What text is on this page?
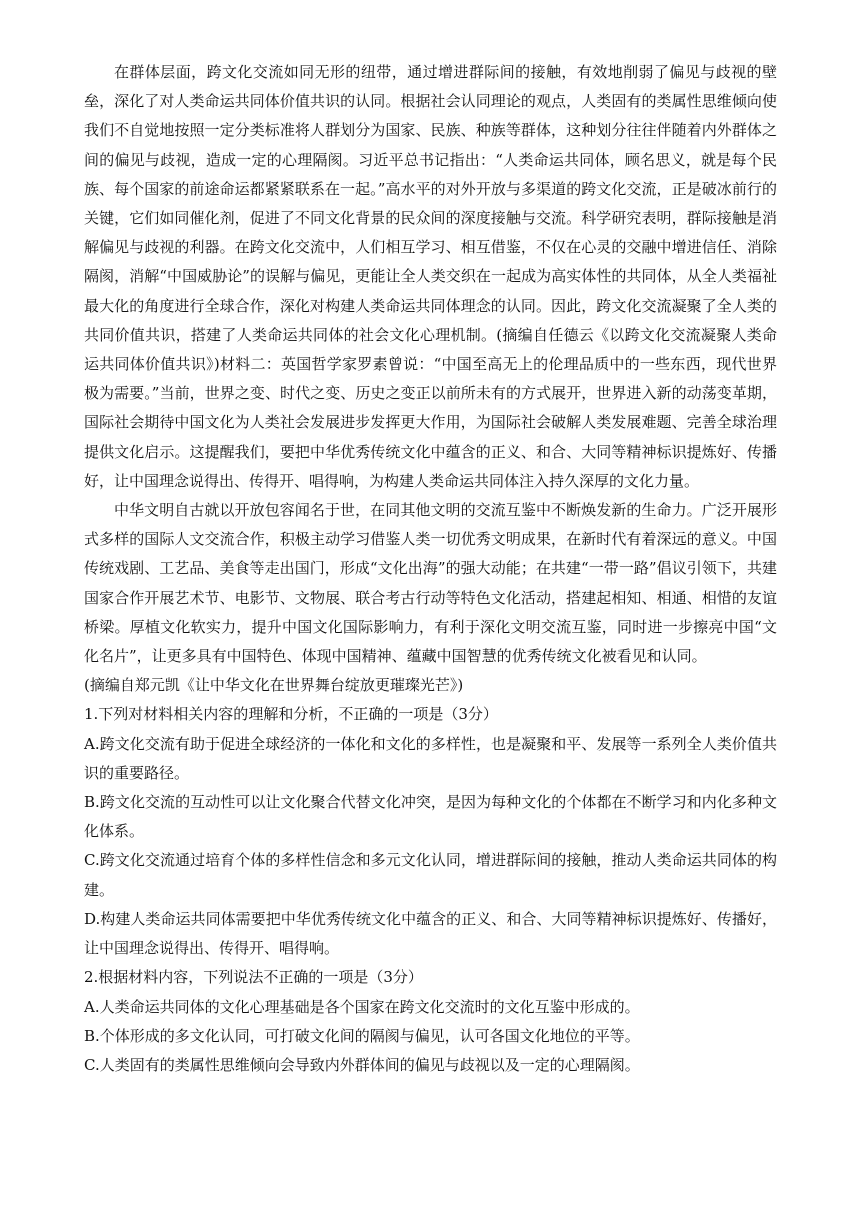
在群体层面，跨文化交流如同无形的纽带，通过增进群际间的接触，有效地削弱了偏见与歧视的壁垒，深化了对人类命运共同体价值共识的认同。根据社会认同理论的观点，人类固有的类属性思维倾向使我们不自觉地按照一定分类标准将人群划分为国家、民族、种族等群体，这种划分往往伴随着内外群体之间的偏见与歧视，造成一定的心理隔阂。习近平总书记指出：“人类命运共同体，顾名思义，就是每个民族、每个国家的前途命运都紧紧联系在一起。”高水平的对外开放与多渠道的跨文化交流，正是破冰前行的关键，它们如同催化剂，促进了不同文化背景的民众间的深度接触与交流。科学研究表明，群际接触是消解偏见与歧视的利器。在跨文化交流中，人们相互学习、相互借鉴，不仅在心灵的交融中增进信任、消除隔阂，消解“中国威胁论”的误解与偏见，更能让全人类交织在一起成为高实体性的共同体，从全人类福祉最大化的角度进行全球合作，深化对构建人类命运共同体理念的认同。因此，跨文化交流凝聚了全人类的共同价值共识，搭建了人类命运共同体的社会文化心理机制。(摘编自任德云《以跨文化交流凝聚人类命运共同体价值共识》)材料二：英国哲学家罗素曾说：“中国至高无上的伦理品质中的一些东西，现代世界极为需要。”当前，世界之变、时代之变、历史之变正以前所未有的方式展开，世界进入新的动荡变革期，国际社会期待中国文化为人类社会发展进步发挥更大作用，为国际社会破解人类发展难题、完善全球治理提供文化启示。这提醒我们，要把中华优秀传统文化中蕴含的正义、和合、大同等精神标识提炼好、传播好，让中国理念说得出、传得开、唱得响，为构建人类命运共同体注入持久深厚的文化力量。

中华文明自古就以开放包容闻名于世，在同其他文明的交流互鉴中不断焕发新的生命力。广泛开展形式多样的国际人文交流合作，积极主动学习借鉴人类一切优秀文明成果，在新时代有着深远的意义。中国传统戏剧、工艺品、美食等走出国门，形成“文化出海”的强大动能；在共建“一带一路”倡议引领下，共建国家合作开展艺术节、电影节、文物展、联合考古行动等特色文化活动，搭建起相知、相通、相惜的友谊桥梁。厚植文化软实力，提升中国文化国际影响力，有利于深化文明交流互鉴，同时进一步擦亮中国“文化名片”，让更多具有中国特色、体现中国精神、蕴藏中国智慧的优秀传统文化被看见和认同。

(摘编自郑元凯《让中华文化在世界舞台绽放更璀璨光芒》)

1.下列对材料相关内容的理解和分析，不正确的一项是（3分）

A.跨文化交流有助于促进全球经济的一体化和文化的多样性，也是凝聚和平、发展等一系列全人类价值共识的重要路径。

B.跨文化交流的互动性可以让文化聚合代替文化冲突，是因为每种文化的个体都在不断学习和内化多种文化体系。

C.跨文化交流通过培育个体的多样性信念和多元文化认同，增进群际间的接触，推动人类命运共同体的构建。

D.构建人类命运共同体需要把中华优秀传统文化中蕴含的正义、和合、大同等精神标识提炼好、传播好，让中国理念说得出、传得开、唱得响。

2.根据材料内容，下列说法不正确的一项是（3分）

A.人类命运共同体的文化心理基础是各个国家在跨文化交流时的文化互鉴中形成的。

B.个体形成的多文化认同，可打破文化间的隔阂与偏见，认可各国文化地位的平等。

C.人类固有的类属性思维倾向会导致内外群体间的偏见与歧视以及一定的心理隔阂。
